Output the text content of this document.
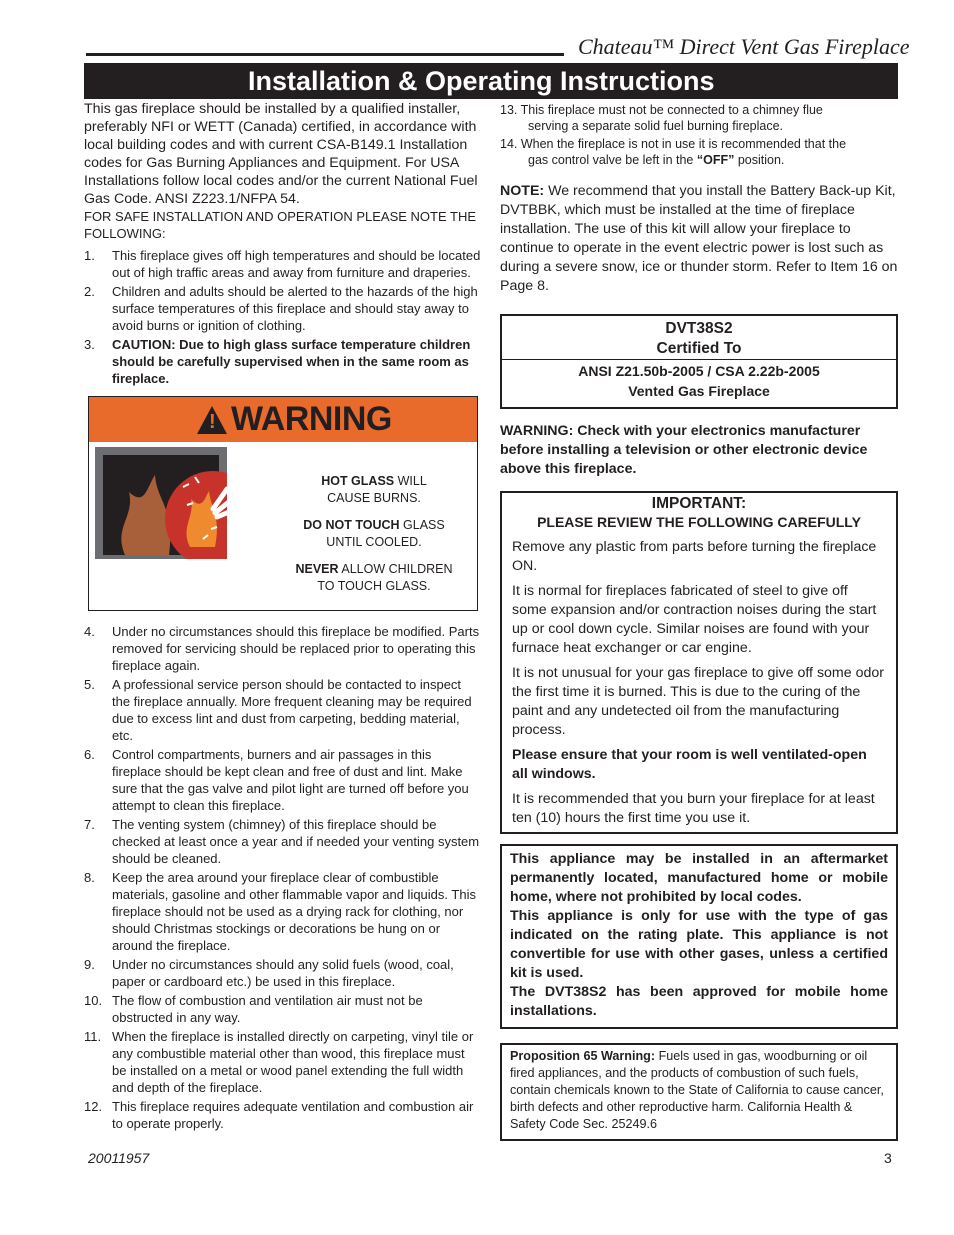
Chateau™ Direct Vent Gas Fireplace
Installation & Operating Instructions

This gas fireplace should be installed by a qualified installer, preferably NFI or WETT (Canada) certified, in accordance with local building codes and with current CSA-B149.1 Installation codes for Gas Burning Appliances and Equipment. For USA Installations follow local codes and/or the current National Fuel Gas Code. ANSI Z223.1/NFPA 54.

FOR SAFE INSTALLATION AND OPERATION PLEASE NOTE THE FOLLOWING:

1. This fireplace gives off high temperatures and should be located out of high traffic areas and away from furniture and draperies.
2. Children and adults should be alerted to the hazards of the high surface temperatures of this fireplace and should stay away to avoid burns or ignition of clothing.
3. CAUTION: Due to high glass surface temperature children should be carefully supervised when in the same room as fireplace.
! WARNING

HOT GLASS WILL
CAUSE BURNS.

DO NOT TOUCH GLASS
UNTIL COOLED.

NEVER ALLOW CHILDREN
TO TOUCH GLASS.

4. Under no circumstances should this fireplace be modified. Parts removed for servicing should be replaced prior to operating this fireplace again.
5. A professional service person should be contacted to inspect the fireplace annually. More frequent cleaning may be required due to excess lint and dust from carpeting, bedding material, etc.
6. Control compartments, burners and air passages in this fireplace should be kept clean and free of dust and lint. Make sure that the gas valve and pilot light are turned off before you attempt to clean this fireplace.
7. The venting system (chimney) of this fireplace should be checked at least once a year and if needed your venting system should be cleaned.
8. Keep the area around your fireplace clear of combustible materials, gasoline and other flammable vapor and liquids. This fireplace should not be used as a drying rack for clothing, nor should Christmas stockings or decorations be hung on or around the fireplace.
9. Under no circumstances should any solid fuels (wood, coal, paper or cardboard etc.) be used in this fireplace.
10. The flow of combustion and ventilation air must not be obstructed in any way.
11. When the fireplace is installed directly on carpeting, vinyl tile or any combustible material other than wood, this fireplace must be installed on a metal or wood panel extending the full width and depth of the fireplace.
12. This fireplace requires adequate ventilation and combustion air to operate properly.
13. This fireplace must not be connected to a chimney flue
serving a separate solid fuel burning fireplace.
14. When the fireplace is not in use it is recommended that the
gas control valve be left in the “OFF” position.

NOTE: We recommend that you install the Battery Back-up Kit, DVTBBK, which must be installed at the time of fireplace installation. The use of this kit will allow your fireplace to continue to operate in the event electric power is lost such as during a severe snow, ice or thunder storm. Refer to Item 16 on Page 8.

DVT38S2
Certified To
ANSI Z21.50b-2005 / CSA 2.22b-2005
Vented Gas Fireplace

WARNING: Check with your electronics manufacturer before installing a television or other electronic device above this fireplace.

IMPORTANT:
PLEASE REVIEW THE FOLLOWING CAREFULLY

Remove any plastic from parts before turning the fireplace ON.

It is normal for fireplaces fabricated of steel to give off some expansion and/or contraction noises during the start up or cool down cycle. Similar noises are found with your furnace heat exchanger or car engine.

It is not unusual for your gas fireplace to give off some odor the first time it is burned. This is due to the curing of the paint and any undetected oil from the manufacturing process.

Please ensure that your room is well ventilated-open all windows.

It is recommended that you burn your fireplace for at least ten (10) hours the first time you use it.

This appliance may be installed in an aftermarket permanently located, manufactured home or mobile home, where not prohibited by local codes.
This appliance is only for use with the type of gas indicated on the rating plate. This appliance is not convertible for use with other gases, unless a certified kit is used.
The DVT38S2 has been approved for mobile home installations.
Proposition 65 Warning: Fuels used in gas, woodburning or oil fired appliances, and the products of combustion of such fuels, contain chemicals known to the State of California to cause cancer, birth defects and other reproductive harm. California Health & Safety Code Sec. 25249.6
20011957	3
